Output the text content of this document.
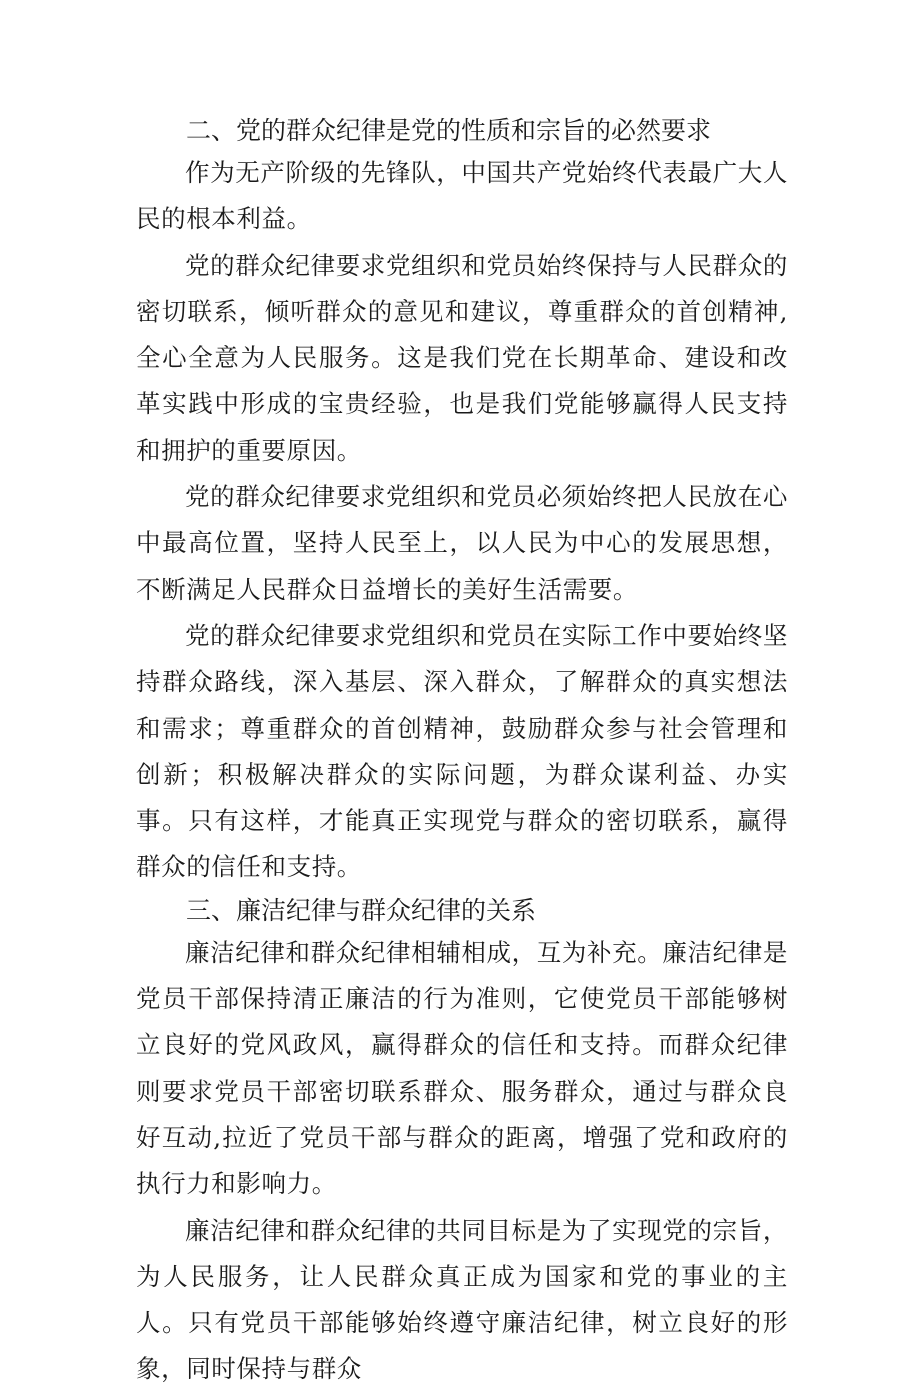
二、党的群众纪律是党的性质和宗旨的必然要求

作为无产阶级的先锋队，中国共产党始终代表最广大人民的根本利益。

党的群众纪律要求党组织和党员始终保持与人民群众的密切联系，倾听群众的意见和建议，尊重群众的首创精神,全心全意为人民服务。这是我们党在长期革命、建设和改革实践中形成的宝贵经验，也是我们党能够赢得人民支持和拥护的重要原因。

党的群众纪律要求党组织和党员必须始终把人民放在心中最高位置，坚持人民至上，以人民为中心的发展思想，不断满足人民群众日益增长的美好生活需要。

党的群众纪律要求党组织和党员在实际工作中要始终坚持群众路线，深入基层、深入群众，了解群众的真实想法和需求；尊重群众的首创精神，鼓励群众参与社会管理和创新；积极解决群众的实际问题，为群众谋利益、办实事。只有这样，才能真正实现党与群众的密切联系，赢得群众的信任和支持。

三、廉洁纪律与群众纪律的关系

廉洁纪律和群众纪律相辅相成，互为补充。廉洁纪律是党员干部保持清正廉洁的行为准则，它使党员干部能够树立良好的党风政风，赢得群众的信任和支持。而群众纪律则要求党员干部密切联系群众、服务群众，通过与群众良好互动,拉近了党员干部与群众的距离，增强了党和政府的执行力和影响力。

廉洁纪律和群众纪律的共同目标是为了实现党的宗旨，为人民服务，让人民群众真正成为国家和党的事业的主人。只有党员干部能够始终遵守廉洁纪律，树立良好的形象，同时保持与群众
